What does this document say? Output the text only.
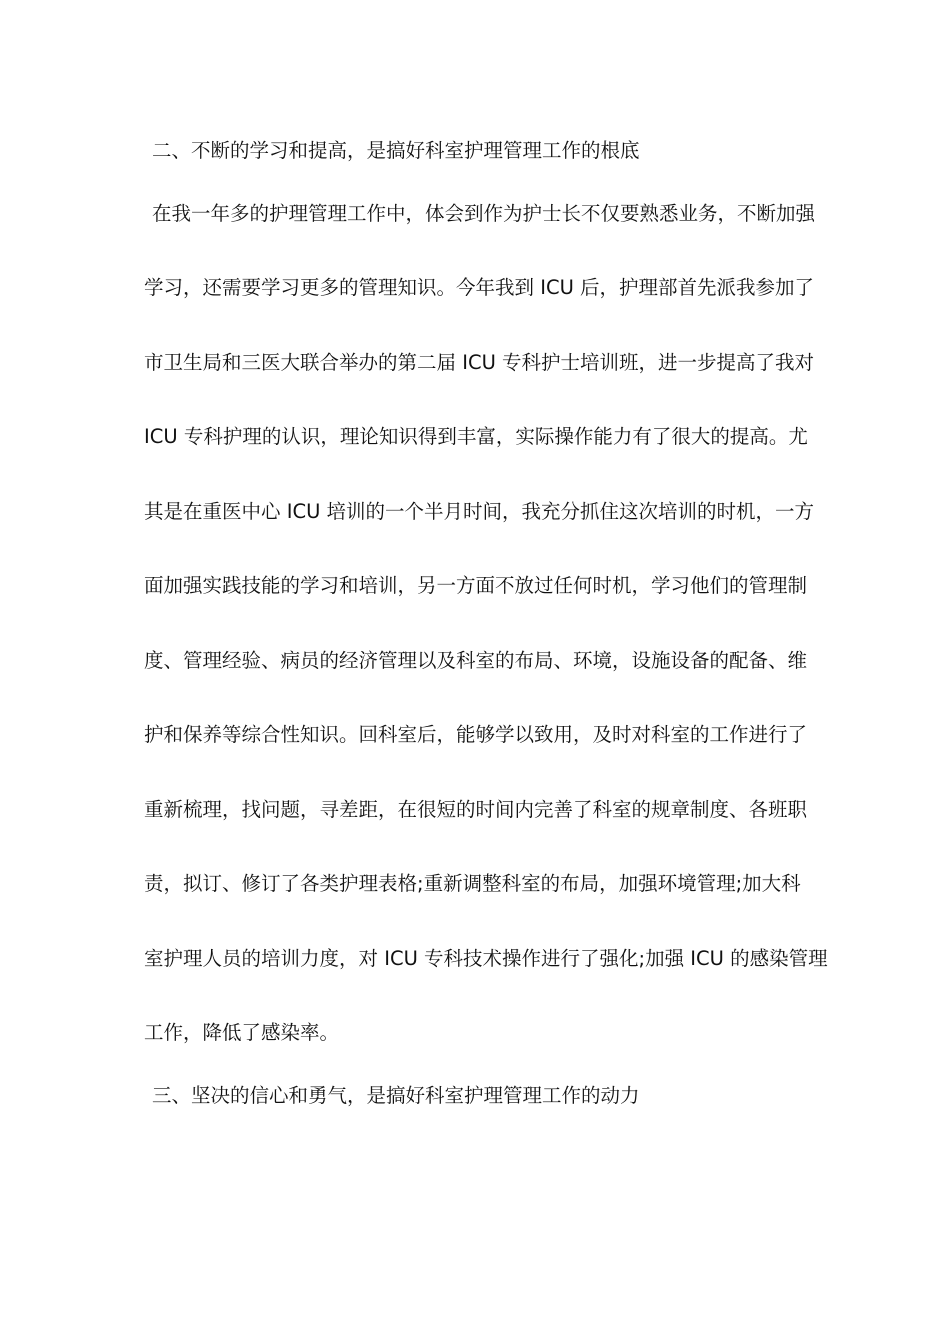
二、不断的学习和提高，是搞好科室护理管理工作的根底
在我一年多的护理管理工作中，体会到作为护士长不仅要熟悉业务，不断加强
学习，还需要学习更多的管理知识。今年我到 ICU 后，护理部首先派我参加了
市卫生局和三医大联合举办的第二届 ICU 专科护士培训班，进一步提高了我对
ICU 专科护理的认识，理论知识得到丰富，实际操作能力有了很大的提高。尤
其是在重医中心 ICU 培训的一个半月时间，我充分抓住这次培训的时机，一方
面加强实践技能的学习和培训，另一方面不放过任何时机，学习他们的管理制
度、管理经验、病员的经济管理以及科室的布局、环境，设施设备的配备、维
护和保养等综合性知识。回科室后，能够学以致用，及时对科室的工作进行了
重新梳理，找问题，寻差距，在很短的时间内完善了科室的规章制度、各班职
责，拟订、修订了各类护理表格;重新调整科室的布局，加强环境管理;加大科
室护理人员的培训力度，对 ICU 专科技术操作进行了强化;加强 ICU 的感染管理
工作，降低了感染率。
三、坚决的信心和勇气，是搞好科室护理管理工作的动力
